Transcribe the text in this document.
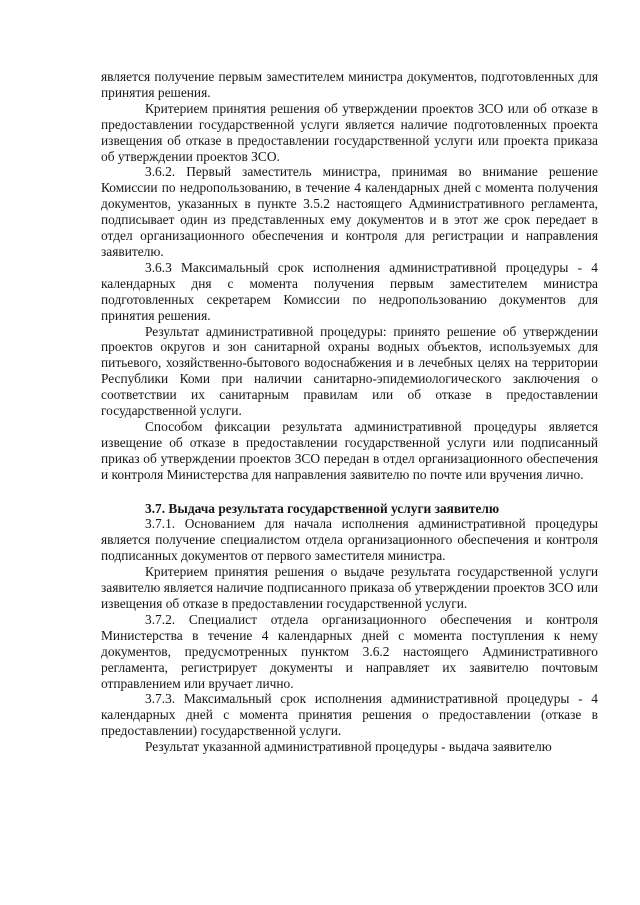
является получение первым заместителем министра документов, подготовленных для принятия решения.

Критерием принятия решения об утверждении проектов ЗСО или об отказе в предоставлении государственной услуги является наличие подготовленных проекта извещения об отказе в предоставлении государственной услуги или проекта приказа об утверждении проектов ЗСО.

3.6.2. Первый заместитель министра, принимая во внимание решение Комиссии по недропользованию, в течение 4 календарных дней с момента получения документов, указанных в пункте 3.5.2 настоящего Административного регламента, подписывает один из представленных ему документов и в этот же срок передает в отдел организационного обеспечения и контроля для регистрации и направления заявителю.

3.6.3 Максимальный срок исполнения административной процедуры - 4 календарных дня с момента получения первым заместителем министра подготовленных секретарем Комиссии по недропользованию документов для принятия решения.

Результат административной процедуры: принято решение об утверждении проектов округов и зон санитарной охраны водных объектов, используемых для питьевого, хозяйственно-бытового водоснабжения и в лечебных целях на территории Республики Коми при наличии санитарно-эпидемиологического заключения о соответствии их санитарным правилам или об отказе в предоставлении государственной услуги.

Способом фиксации результата административной процедуры является извещение об отказе в предоставлении государственной услуги или подписанный приказ об утверждении проектов ЗСО передан в отдел организационного обеспечения и контроля Министерства для направления заявителю по почте или вручения лично.

3.7. Выдача результата государственной услуги заявителю

3.7.1. Основанием для начала исполнения административной процедуры является получение специалистом отдела организационного обеспечения и контроля подписанных документов от первого заместителя министра.

Критерием принятия решения о выдаче результата государственной услуги заявителю является наличие подписанного приказа об утверждении проектов ЗСО или извещения об отказе в предоставлении государственной услуги.

3.7.2. Специалист отдела организационного обеспечения и контроля Министерства в течение 4 календарных дней с момента поступления к нему документов, предусмотренных пунктом 3.6.2 настоящего Административного регламента, регистрирует документы и направляет их заявителю почтовым отправлением или вручает лично.

3.7.3. Максимальный срок исполнения административной процедуры - 4 календарных дней с момента принятия решения о предоставлении (отказе в предоставлении) государственной услуги.

Результат указанной административной процедуры - выдача заявителю
